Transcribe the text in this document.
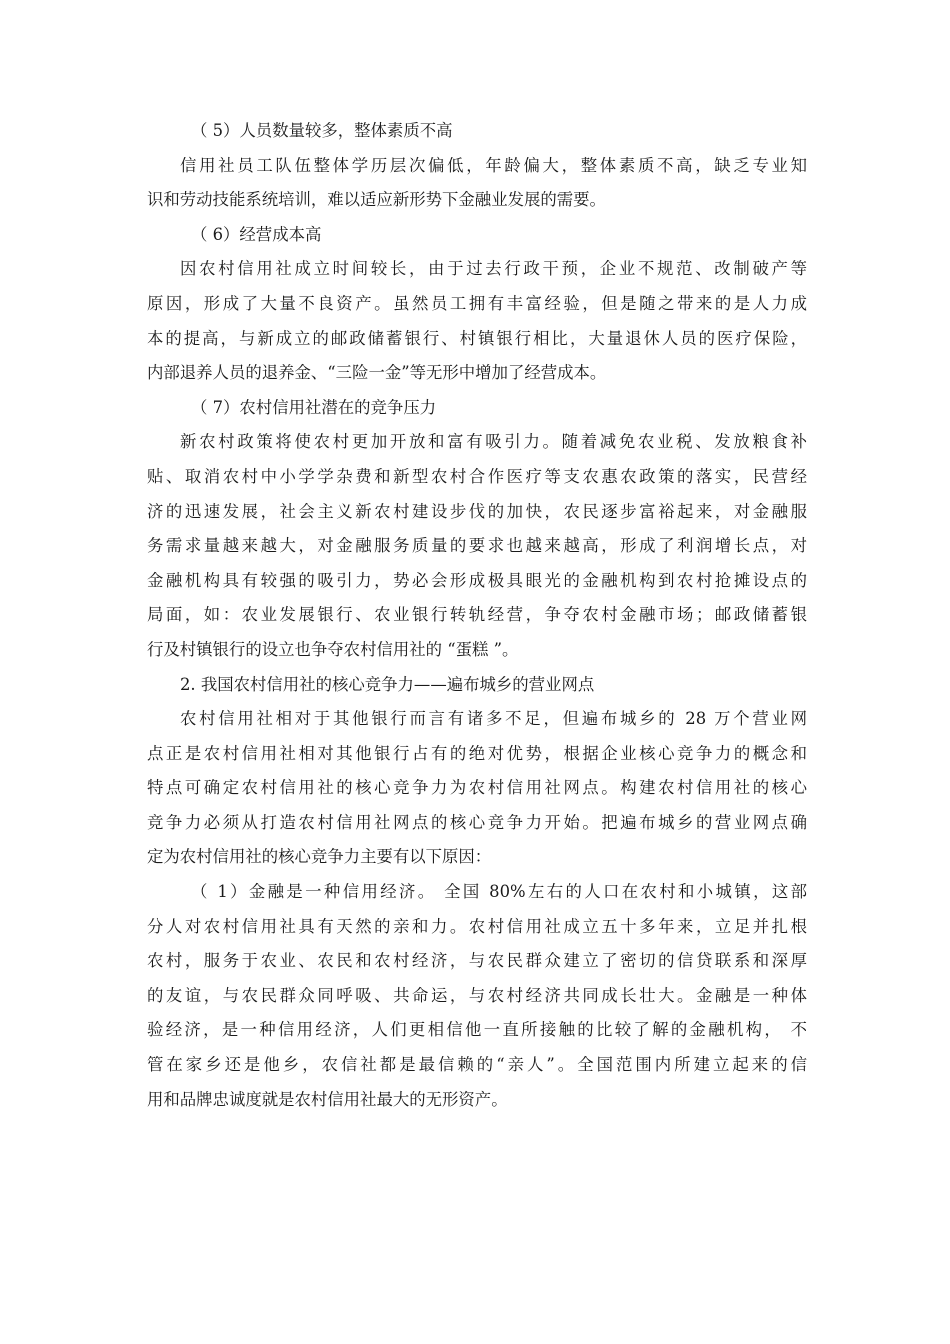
（ 5）人员数量较多，整体素质不高
信用社员工队伍整体学历层次偏低，年龄偏大，整体素质不高，缺乏专业知
识和劳动技能系统培训，难以适应新形势下金融业发展的需要。
（ 6）经营成本高
因农村信用社成立时间较长，由于过去行政干预，企业不规范、改制破产等
原因，形成了大量不良资产。虽然员工拥有丰富经验，但是随之带来的是人力成
本的提高，与新成立的邮政储蓄银行、村镇银行相比，大量退休人员的医疗保险，
内部退养人员的退养金、“三险一金”等无形中增加了经营成本。
（ 7）农村信用社潜在的竞争压力
新农村政策将使农村更加开放和富有吸引力。随着减免农业税、发放粮食补
贴、取消农村中小学学杂费和新型农村合作医疗等支农惠农政策的落实，民营经
济的迅速发展，社会主义新农村建设步伐的加快，农民逐步富裕起来，对金融服
务需求量越来越大，对金融服务质量的要求也越来越高，形成了利润增长点，对
金融机构具有较强的吸引力，势必会形成极具眼光的金融机构到农村抢摊设点的
局面，如：农业发展银行、农业银行转轨经营，争夺农村金融市场；邮政储蓄银
行及村镇银行的设立也争夺农村信用社的 “蛋糕 ”。
2. 我国农村信用社的核心竞争力——遍布城乡的营业网点
农村信用社相对于其他银行而言有诸多不足，但遍布城乡的 28 万个营业网
点正是农村信用社相对其他银行占有的绝对优势，根据企业核心竞争力的概念和
特点可确定农村信用社的核心竞争力为农村信用社网点。构建农村信用社的核心
竞争力必须从打造农村信用社网点的核心竞争力开始。把遍布城乡的营业网点确
定为农村信用社的核心竞争力主要有以下原因：
（ 1）金融是一种信用经济。 全国 80%左右的人口在农村和小城镇，这部
分人对农村信用社具有天然的亲和力。农村信用社成立五十多年来，立足并扎根
农村，服务于农业、农民和农村经济，与农民群众建立了密切的信贷联系和深厚
的友谊，与农民群众同呼吸、共命运，与农村经济共同成长壮大。金融是一种体
验经济，是一种信用经济，人们更相信他一直所接触的比较了解的金融机构， 不
管在家乡还是他乡，农信社都是最信赖的“亲人”。全国范围内所建立起来的信
用和品牌忠诚度就是农村信用社最大的无形资产。
